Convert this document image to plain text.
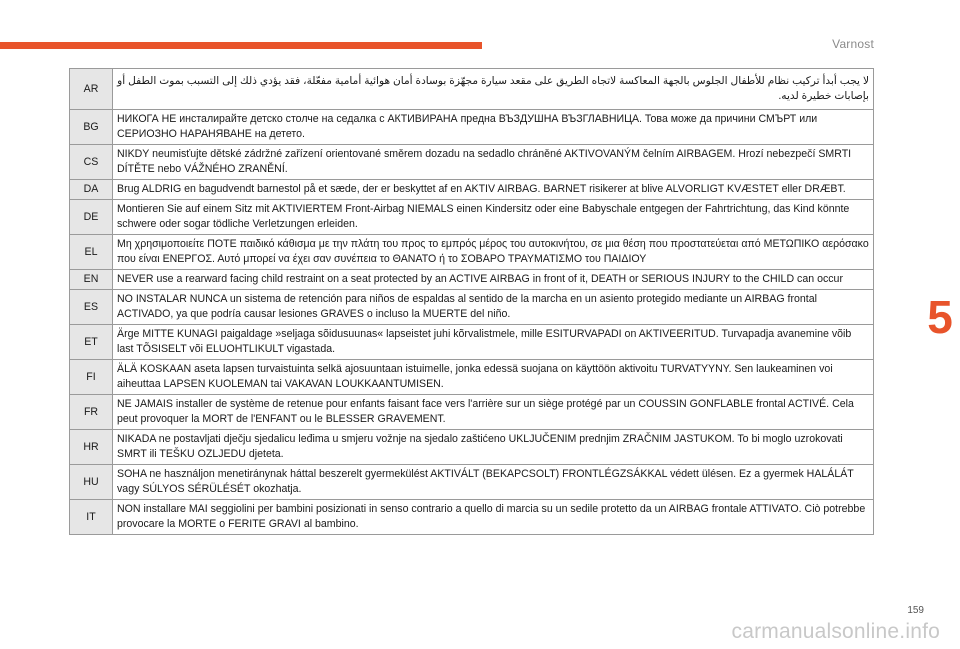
Varnost
5
AR	لا يجب أبدأ تركيب نظام للأطفال الجلوس بالجهة المعاكسة لاتجاه الطريق على مقعد سيارة مجهّزة بوسادة أمان هوائية أمامية مفعّلة، فقد يؤدي ذلك إلى التسبب بموت الطفل أو بإصابات خطيرة لديه.
BG	НИКОГА НЕ инсталирайте детско столче на седалка с АКТИВИРАНА предна ВЪЗДУШНА ВЪЗГЛАВНИЦА. Това може да причини СМЪРТ или СЕРИОЗНО НАРАНЯВАНЕ на детето.
CS	NIKDY neumisťujte dětské zádržné zařízení orientované směrem dozadu na sedadlo chráněné AKTIVOVANÝM čelním AIRBAGEM. Hrozí nebezpečí SMRTI DÍTĚTE nebo VÁŽNÉHO ZRANĚNÍ.
DA	Brug ALDRIG en bagudvendt barnestol på et sæde, der er beskyttet af en AKTIV AIRBAG. BARNET risikerer at blive ALVORLIGT KVÆSTET eller DRÆBT.
DE	Montieren Sie auf einem Sitz mit AKTIVIERTEM Front-Airbag NIEMALS einen Kindersitz oder eine Babyschale entgegen der Fahrtrichtung, das Kind könnte schwere oder sogar tödliche Verletzungen erleiden.
EL	Μη χρησιμοποιείτε ΠΟΤΕ παιδικό κάθισμα με την πλάτη του προς το εμπρός μέρος του αυτοκινήτου, σε μια θέση που προστατεύεται από ΜΕΤΩΠΙΚΟ αερόσακο που είναι ΕΝΕΡΓΟΣ. Αυτό μπορεί να έχει σαν συνέπεια το ΘΑΝΑΤΟ ή το ΣΟΒΑΡΟ ΤΡΑΥΜΑΤΙΣΜΟ του ΠΑΙΔΙΟΥ
EN	NEVER use a rearward facing child restraint on a seat protected by an ACTIVE AIRBAG in front of it, DEATH or SERIOUS INJURY to the CHILD can occur
ES	NO INSTALAR NUNCA un sistema de retención para niños de espaldas al sentido de la marcha en un asiento protegido mediante un AIRBAG frontal ACTIVADO, ya que podría causar lesiones GRAVES o incluso la MUERTE del niño.
ET	Ärge MITTE KUNAGI paigaldage »seljaga sõidusuunas« lapseistet juhi kõrvalistmele, mille ESITURVAPADI on AKTIVEERITUD. Turvapadja avanemine võib last TÕSISELT või ELUOHTLIKULT vigastada.
FI	ÄLÄ KOSKAAN aseta lapsen turvaistuinta selkä ajosuuntaan istuimelle, jonka edessä suojana on käyttöön aktivoitu TURVATYYNY. Sen laukeaminen voi aiheuttaa LAPSEN KUOLEMAN tai VAKAVAN LOUKKAANTUMISEN.
FR	NE JAMAIS installer de système de retenue pour enfants faisant face vers l'arrière sur un siège protégé par un COUSSIN GONFLABLE frontal ACTIVÉ. Cela peut provoquer la MORT de l'ENFANT ou le BLESSER GRAVEMENT.
HR	NIKADA ne postavljati dječju sjedalicu leđima u smjeru vožnje na sjedalo zaštićeno UKLJUČENIM prednjim ZRAČNIM JASTUKOM. To bi moglo uzrokovati SMRT ili TEŠKU OZLJEDU djeteta.
HU	SOHA ne használjon menetiránynak háttal beszerelt gyermekülést AKTIVÁLT (BEKAPCSOLT) FRONTLÉGZSÁKKAL védett ülésen. Ez a gyermek HALÁLÁT vagy SÚLYOS SÉRÜLÉSÉT okozhatja.
IT	NON installare MAI seggiolini per bambini posizionati in senso contrario a quello di marcia su un sedile protetto da un AIRBAG frontale ATTIVATO. Ciò potrebbe provocare la MORTE o FERITE GRAVI al bambino.
159
carmanualsonline.info
